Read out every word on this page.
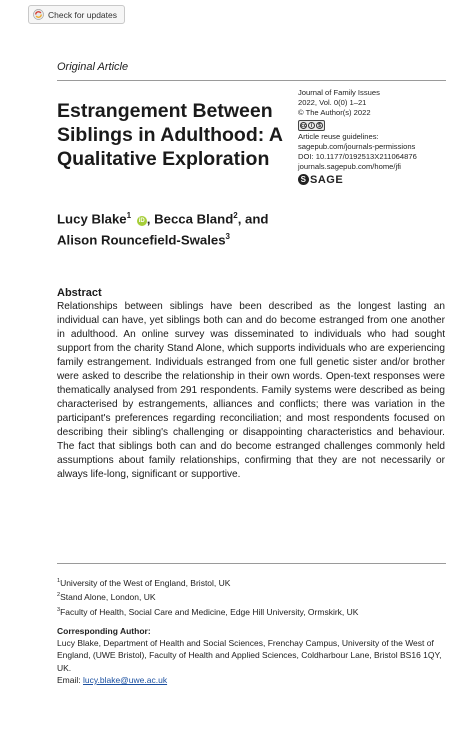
Check for updates
Original Article
Estrangement Between Siblings in Adulthood: A Qualitative Exploration
Journal of Family Issues
2022, Vol. 0(0) 1–21
© The Author(s) 2022
cc i	$
Article reuse guidelines:
sagepub.com/journals-permissions
DOI: 10.1177/0192513X211064876
journals.sagepub.com/home/jfi
S SAGE
Lucy Blake$^1$ iD , Becca Bland$^2$, and
Alison Rouncefield-Swales$^3$
Abstract

Relationships between siblings have been described as the longest lasting an individual can have, yet siblings both can and do become estranged from one another in adulthood. An online survey was disseminated to individuals who had sought support from the charity Stand Alone, which supports individuals who are experiencing family estrangement. Individuals estranged from one full genetic sister and/or brother were asked to describe the relationship in their own words. Open-text responses were thematically analysed from 291 respondents. Family systems were described as being characterised by estrangements, alliances and conflicts; there was variation in the participant's preferences regarding reconciliation; and most respondents focused on describing their sibling's challenging or disappointing characteristics and behaviour. The fact that siblings both can and do become estranged challenges commonly held assumptions about family relationships, confirming that they are not necessarily or always life-long, significant or supportive.

$^1$University of the West of England, Bristol, UK
$^2$Stand Alone, London, UK
$^3$Faculty of Health, Social Care and Medicine, Edge Hill University, Ormskirk, UK
Corresponding Author:
Lucy Blake, Department of Health and Social Sciences, Frenchay Campus, University of the West of England, (UWE Bristol), Faculty of Health and Applied Sciences, Coldharbour Lane, Bristol BS16 1QY, UK.
Email: lucy.blake@uwe.ac.uk
